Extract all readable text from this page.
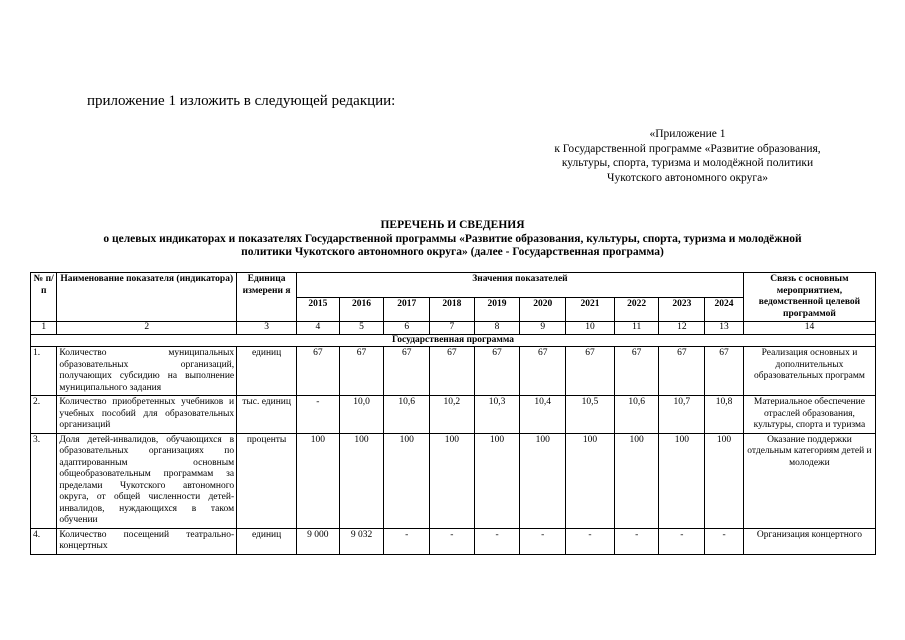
приложение 1 изложить в следующей редакции:
«Приложение 1
к Государственной программе «Развитие образования,
культуры, спорта, туризма и молодёжной политики
Чукотского автономного округа»
ПЕРЕЧЕНЬ И СВЕДЕНИЯ
о целевых индикаторах и показателях Государственной программы «Развитие образования, культуры, спорта, туризма и молодёжной
политики Чукотского автономного округа» (далее - Государственная программа)
№ п/п	Наименование показателя (индикатора)	Единица измерени я	Значения показателей										Связь с основным мероприятием, ведомственной целевой программой
			2015	2016	2017	2018	2019	2020	2021	2022	2023	2024	
1	2	3	4	5	6	7	8	9	10	11	12	13	14
Государственная программа													
1.	Количество муниципальных образовательных организаций, получающих субсидию на выполнение муниципального задания	единиц	67	67	67	67	67	67	67	67	67	67	Реализация основных и дополнительных образовательных программ
2.	Количество приобретенных учебников и учебных пособий для образовательных организаций	тыс. единиц	-	10,0	10,6	10,2	10,3	10,4	10,5	10,6	10,7	10,8	Материальное обеспечение отраслей образования, культуры, спорта и туризма
3.	Доля детей-инвалидов, обучающихся в образовательных организациях по адаптированным основным общеобразовательным программам за пределами Чукотского автономного округа, от общей численности детей-инвалидов, нуждающихся в таком обучении	проценты	100	100	100	100	100	100	100	100	100	100	Оказание поддержки отдельным категориям детей и молодежи
4.	Количество посещений театрально-концертных	единиц	9 000	9 032	-	-	-	-	-	-	-	-	Организация концертного
